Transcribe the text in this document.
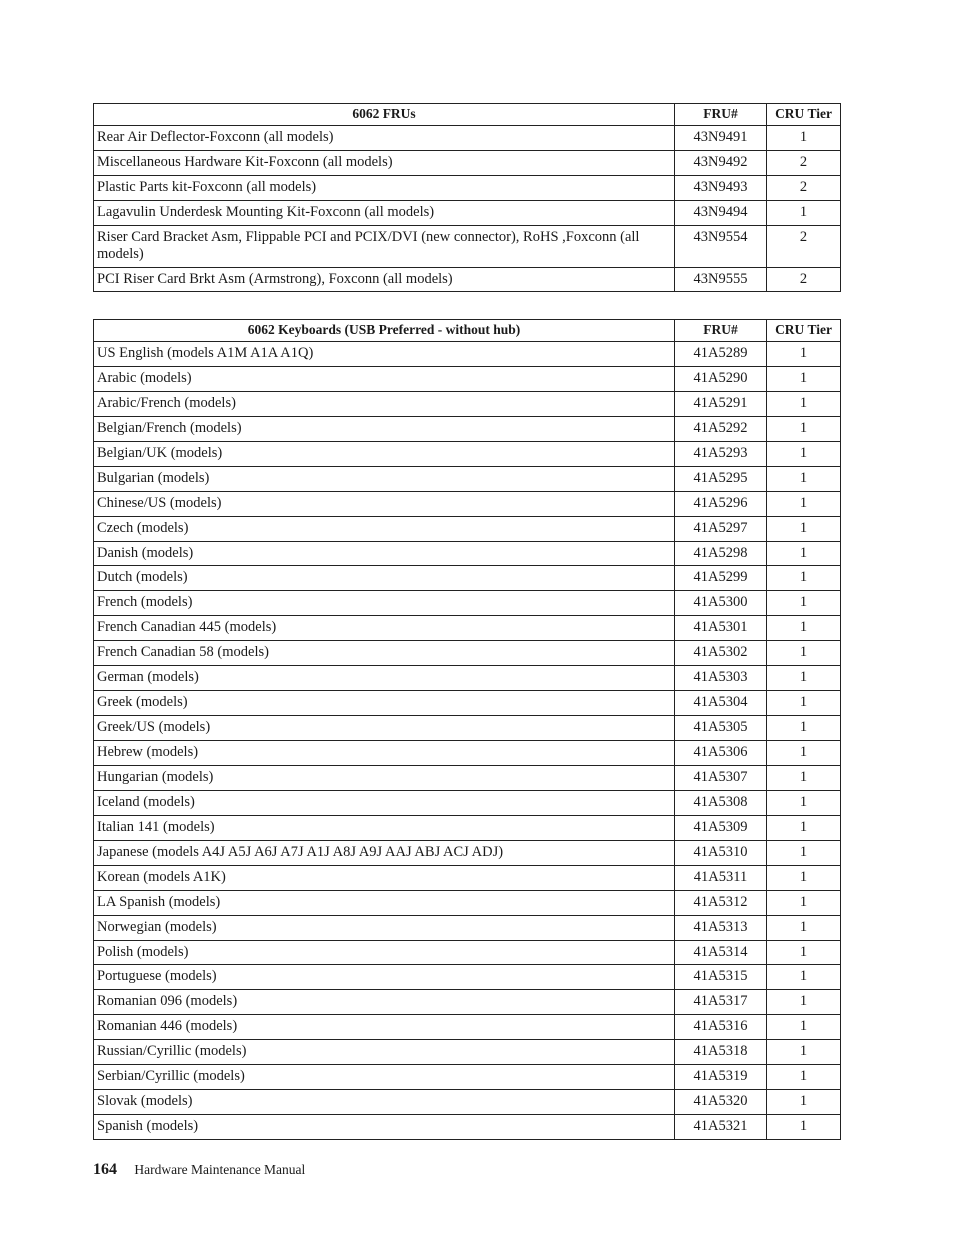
6062 FRUs	FRU#	CRU Tier
Rear Air Deflector-Foxconn (all models)	43N9491	1
Miscellaneous Hardware Kit-Foxconn (all models)	43N9492	2
Plastic Parts kit-Foxconn (all models)	43N9493	2
Lagavulin Underdesk Mounting Kit-Foxconn (all models)	43N9494	1
Riser Card Bracket Asm, Flippable PCI and PCIX/DVI (new connector), RoHS ,Foxconn (all models)	43N9554	2
PCI Riser Card Brkt Asm (Armstrong), Foxconn (all models)	43N9555	2
6062 Keyboards (USB Preferred - without hub)	FRU#	CRU Tier
US English (models A1M A1A A1Q)	41A5289	1
Arabic (models)	41A5290	1
Arabic/French (models)	41A5291	1
Belgian/French (models)	41A5292	1
Belgian/UK (models)	41A5293	1
Bulgarian (models)	41A5295	1
Chinese/US (models)	41A5296	1
Czech (models)	41A5297	1
Danish (models)	41A5298	1
Dutch (models)	41A5299	1
French (models)	41A5300	1
French Canadian 445 (models)	41A5301	1
French Canadian 58 (models)	41A5302	1
German (models)	41A5303	1
Greek (models)	41A5304	1
Greek/US (models)	41A5305	1
Hebrew (models)	41A5306	1
Hungarian (models)	41A5307	1
Iceland (models)	41A5308	1
Italian 141 (models)	41A5309	1
Japanese (models A4J A5J A6J A7J A1J A8J A9J AAJ ABJ ACJ ADJ)	41A5310	1
Korean (models A1K)	41A5311	1
LA Spanish (models)	41A5312	1
Norwegian (models)	41A5313	1
Polish (models)	41A5314	1
Portuguese (models)	41A5315	1
Romanian 096 (models)	41A5317	1
Romanian 446 (models)	41A5316	1
Russian/Cyrillic (models)	41A5318	1
Serbian/Cyrillic (models)	41A5319	1
Slovak (models)	41A5320	1
Spanish (models)	41A5321	1
164 Hardware Maintenance Manual
